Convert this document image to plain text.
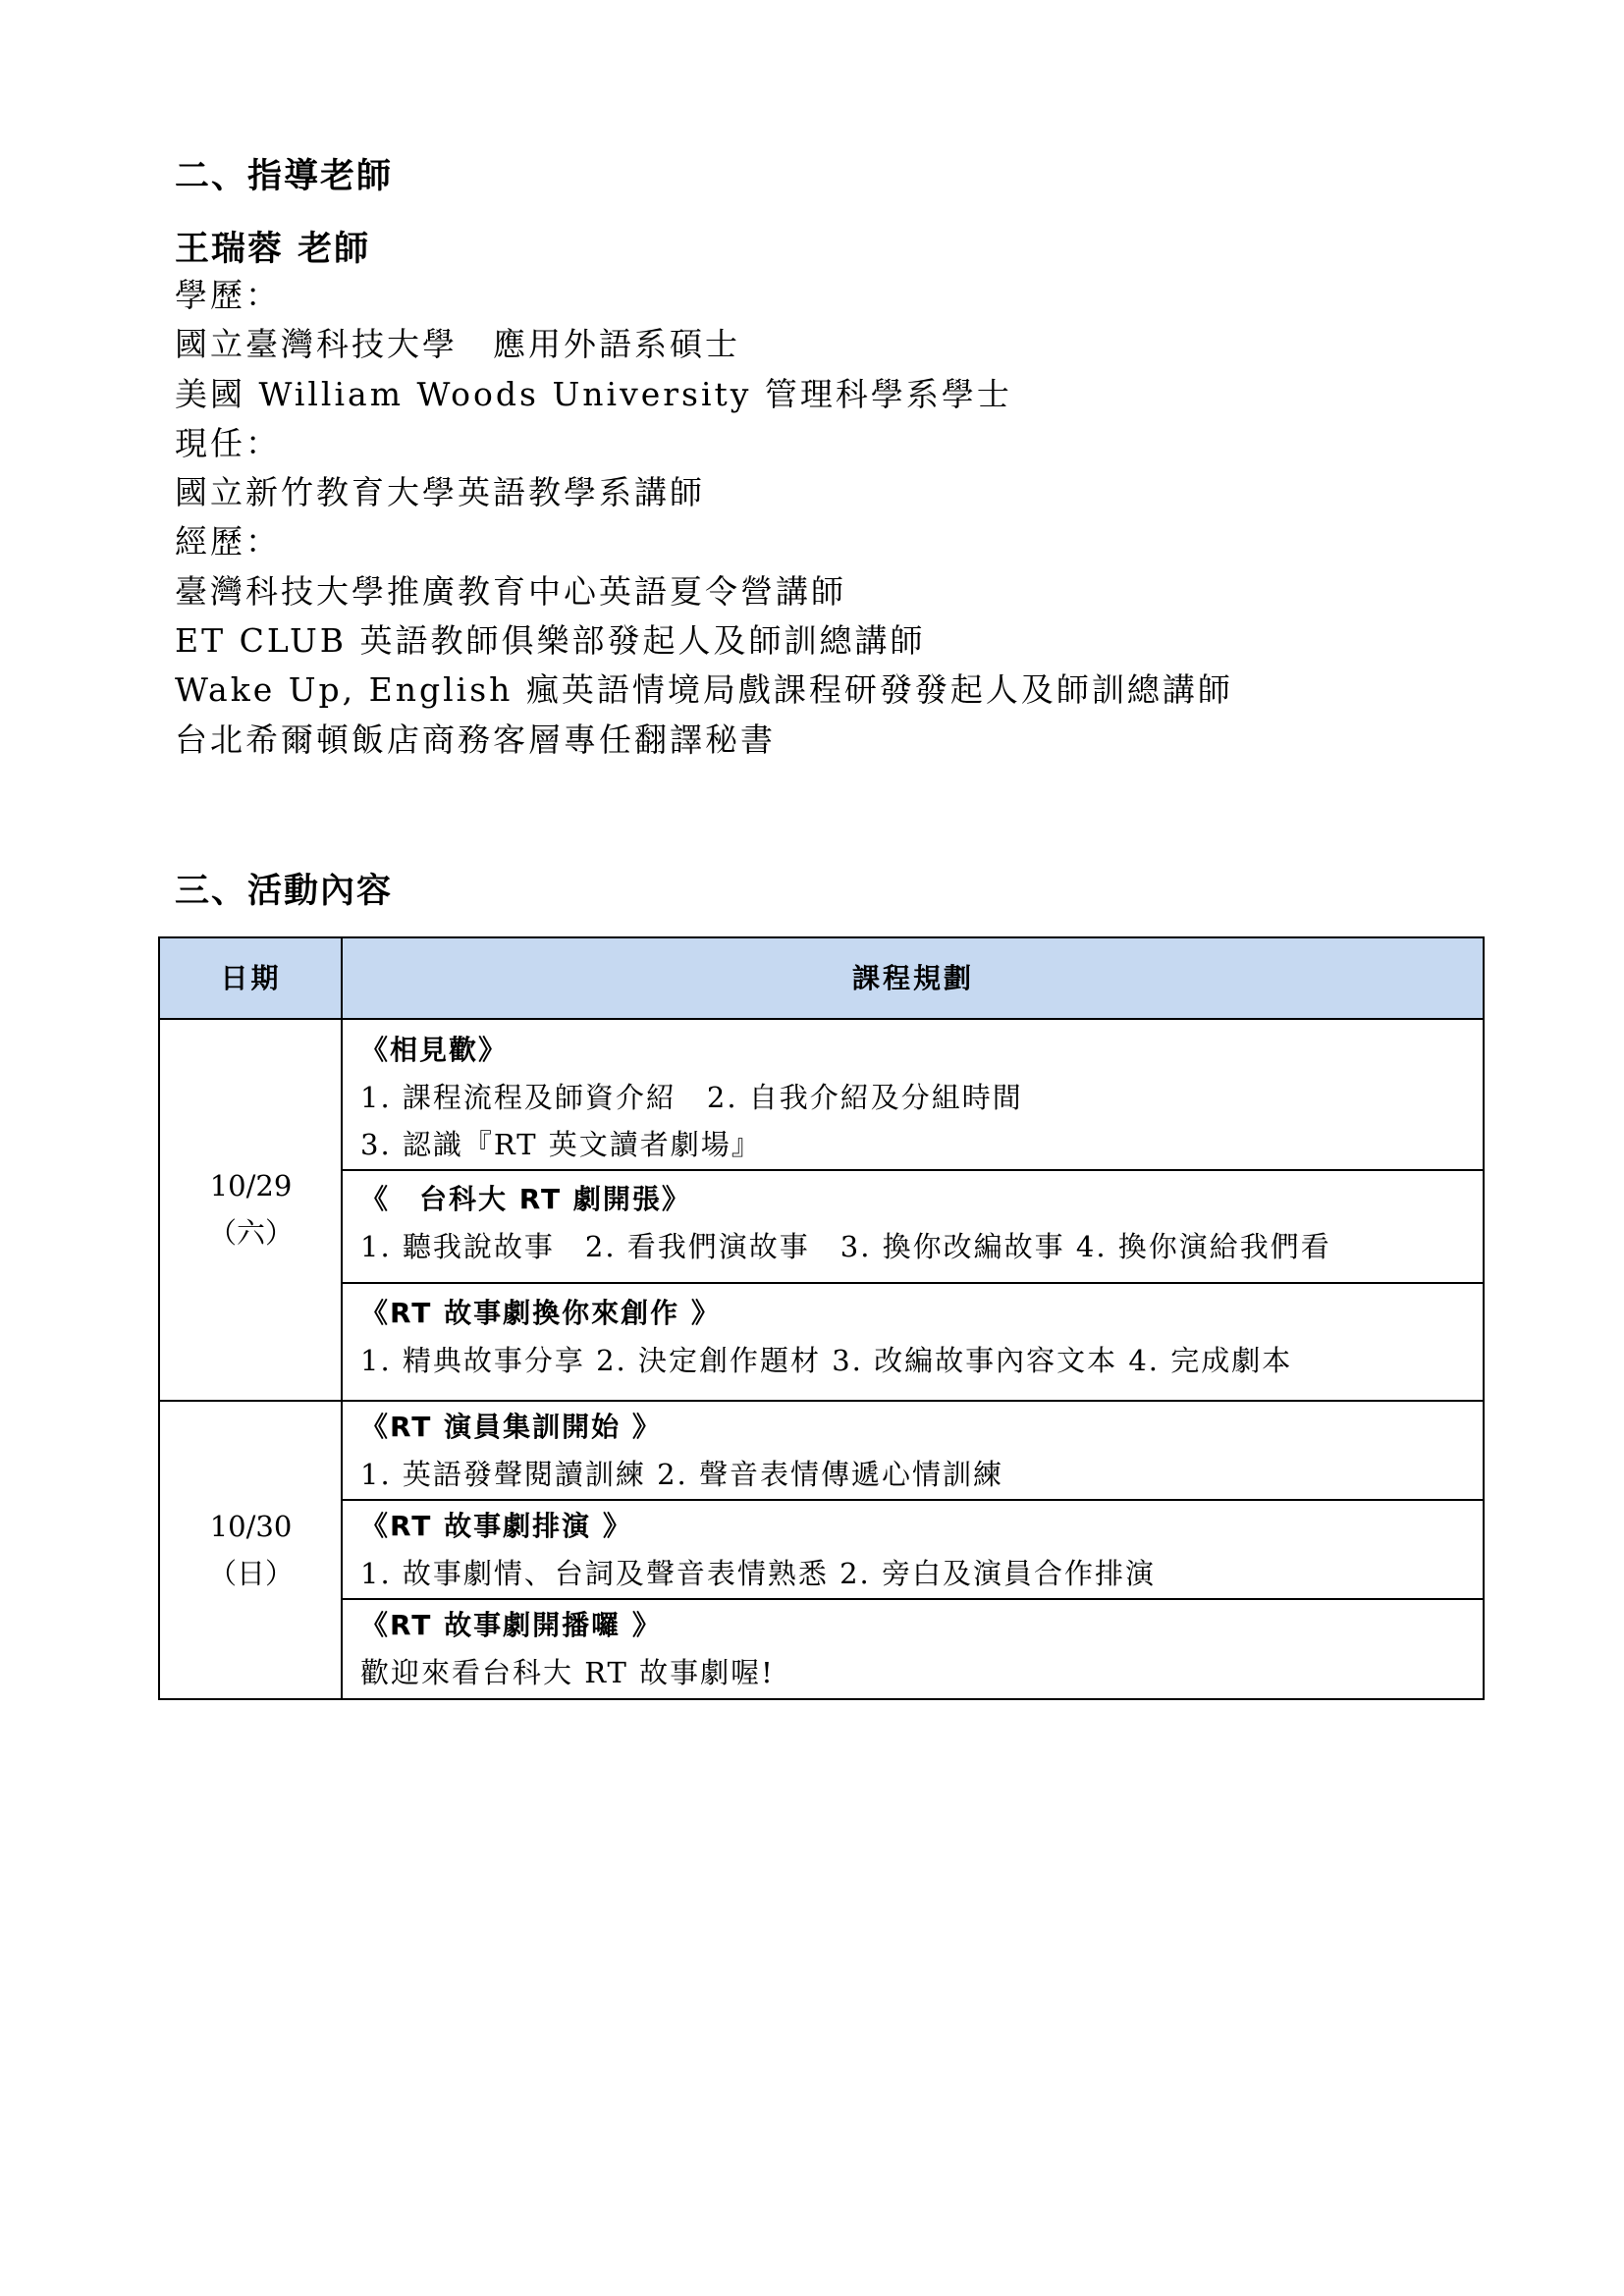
二、指導老師
王瑞蓉 老師
學歷：
國立臺灣科技大學　應用外語系碩士
美國 William Woods University 管理科學系學士
現任：
國立新竹教育大學英語教學系講師
經歷：
臺灣科技大學推廣教育中心英語夏令營講師
ET CLUB 英語教師俱樂部發起人及師訓總講師
Wake Up, English 瘋英語情境局戲課程研發發起人及師訓總講師
台北希爾頓飯店商務客層專任翻譯秘書
三、活動內容
日期	課程規劃
10/29
（六）
《相見歡》
1. 課程流程及師資介紹　2. 自我介紹及分組時間
3. 認識『RT 英文讀者劇場』
《　台科大 RT 劇開張》
1. 聽我說故事　2. 看我們演故事　3. 換你改編故事 4. 換你演給我們看
《RT 故事劇換你來創作 》
1. 精典故事分享 2. 決定創作題材 3. 改編故事內容文本 4. 完成劇本
10/30
（日）
《RT 演員集訓開始 》
1. 英語發聲閱讀訓練 2. 聲音表情傳遞心情訓練
《RT 故事劇排演 》
1. 故事劇情、台詞及聲音表情熟悉 2. 旁白及演員合作排演
《RT 故事劇開播囉 》
歡迎來看台科大 RT 故事劇喔!
